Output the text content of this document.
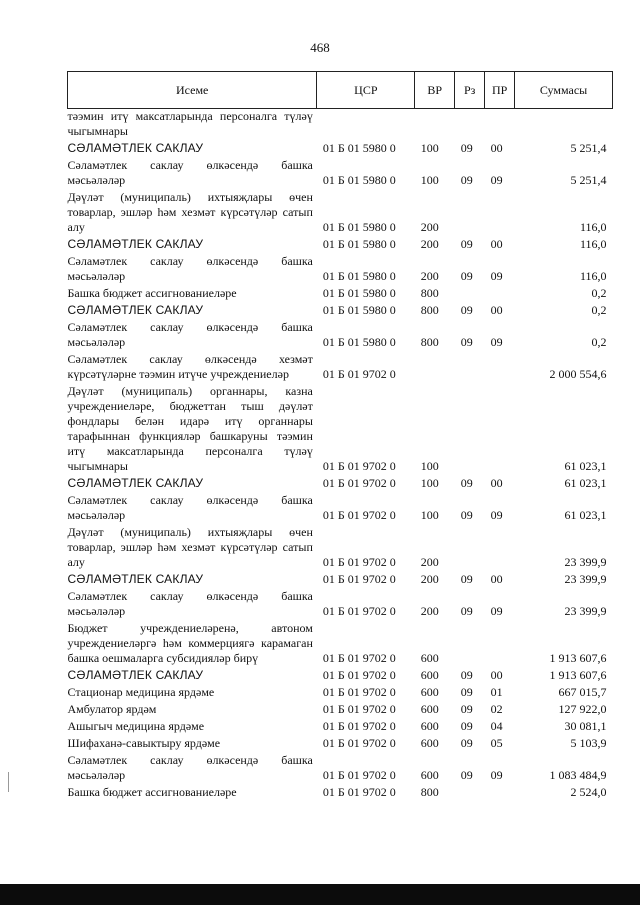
468
Исеме	ЦСР	ВР	Рз	ПР	Суммасы
тәэмин итү максатларында персоналга түләү чыгымнары					
СӘЛАМӘТЛЕК САКЛАУ	01 Б 01 5980 0	100	09	00	5 251,4
Сәламәтлек саклау өлкәсендә башка мәсьәләләр	01 Б 01 5980 0	100	09	09	5 251,4
Дәүләт (муниципаль) ихтыяҗлары өчен товарлар, эшләр һәм хезмәт күрсәтүләр сатып алу	01 Б 01 5980 0	200			116,0
СӘЛАМӘТЛЕК САКЛАУ	01 Б 01 5980 0	200	09	00	116,0
Сәламәтлек саклау өлкәсендә башка мәсьәләләр	01 Б 01 5980 0	200	09	09	116,0
Башка бюджет ассигнованиеләре	01 Б 01 5980 0	800			0,2
СӘЛАМӘТЛЕК САКЛАУ	01 Б 01 5980 0	800	09	00	0,2
Сәламәтлек саклау өлкәсендә башка мәсьәләләр	01 Б 01 5980 0	800	09	09	0,2
Сәламәтлек саклау өлкәсендә хезмәт күрсәтүләрне тәэмин итүче учреждениеләр	01 Б 01 9702 0				2 000 554,6
Дәүләт (муниципаль) органнары, казна учреждениеләре, бюджеттан тыш дәүләт фондлары белән идарә итү органнары тарафыннан функцияләр башкаруны тәэмин итү максатларында персоналга түләү чыгымнары	01 Б 01 9702 0	100			61 023,1
СӘЛАМӘТЛЕК САКЛАУ	01 Б 01 9702 0	100	09	00	61 023,1
Сәламәтлек саклау өлкәсендә башка мәсьәләләр	01 Б 01 9702 0	100	09	09	61 023,1
Дәүләт (муниципаль) ихтыяҗлары өчен товарлар, эшләр һәм хезмәт күрсәтүләр сатып алу	01 Б 01 9702 0	200			23 399,9
СӘЛАМӘТЛЕК САКЛАУ	01 Б 01 9702 0	200	09	00	23 399,9
Сәламәтлек саклау өлкәсендә башка мәсьәләләр	01 Б 01 9702 0	200	09	09	23 399,9
Бюджет учреждениеләренә, автоном учреждениеләргә һәм коммерциягә карамаган башка оешмаларга субсидияләр бирү	01 Б 01 9702 0	600			1 913 607,6
СӘЛАМӘТЛЕК САКЛАУ	01 Б 01 9702 0	600	09	00	1 913 607,6
Стационар медицина ярдәме	01 Б 01 9702 0	600	09	01	667 015,7
Амбулатор ярдәм	01 Б 01 9702 0	600	09	02	127 922,0
Ашыгыч медицина ярдәме	01 Б 01 9702 0	600	09	04	30 081,1
Шифаханә-савыктыру ярдәме	01 Б 01 9702 0	600	09	05	5 103,9
Сәламәтлек саклау өлкәсендә башка мәсьәләләр	01 Б 01 9702 0	600	09	09	1 083 484,9
Башка бюджет ассигнованиеләре	01 Б 01 9702 0	800			2 524,0
